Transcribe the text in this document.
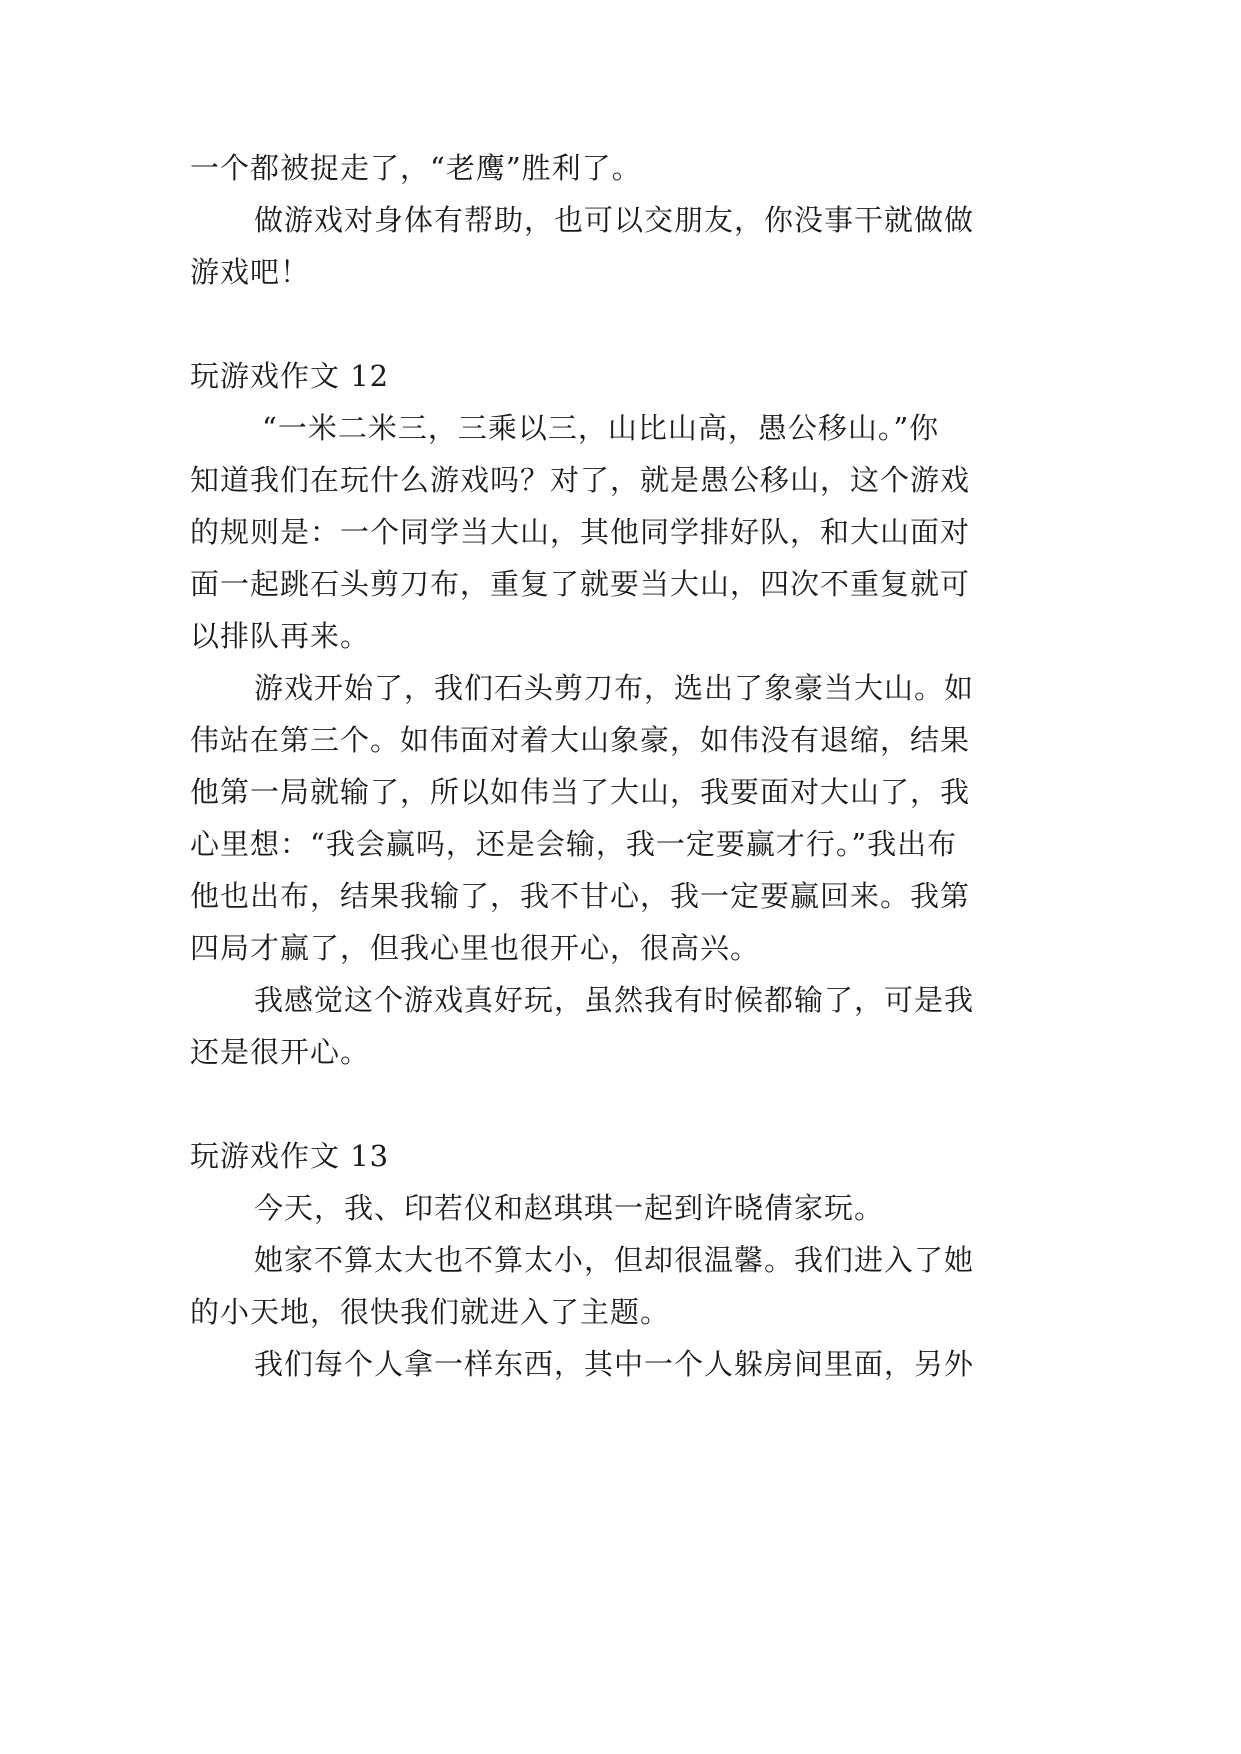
一个都被捉走了，“老鹰”胜利了。
做游戏对身体有帮助，也可以交朋友，你没事干就做做
游戏吧！
玩游戏作文 12
“一米二米三，三乘以三，山比山高，愚公移山。”你
知道我们在玩什么游戏吗？对了，就是愚公移山，这个游戏
的规则是：一个同学当大山，其他同学排好队，和大山面对
面一起跳石头剪刀布，重复了就要当大山，四次不重复就可
以排队再来。
游戏开始了，我们石头剪刀布，选出了象豪当大山。如
伟站在第三个。如伟面对着大山象豪，如伟没有退缩，结果
他第一局就输了，所以如伟当了大山，我要面对大山了，我
心里想：“我会赢吗，还是会输，我一定要赢才行。”我出布
他也出布，结果我输了，我不甘心，我一定要赢回来。我第
四局才赢了，但我心里也很开心，很高兴。
我感觉这个游戏真好玩，虽然我有时候都输了，可是我
还是很开心。
玩游戏作文 13
今天，我、印若仪和赵琪琪一起到许晓倩家玩。
她家不算太大也不算太小，但却很温馨。我们进入了她
的小天地，很快我们就进入了主题。
我们每个人拿一样东西，其中一个人躲房间里面，另外
